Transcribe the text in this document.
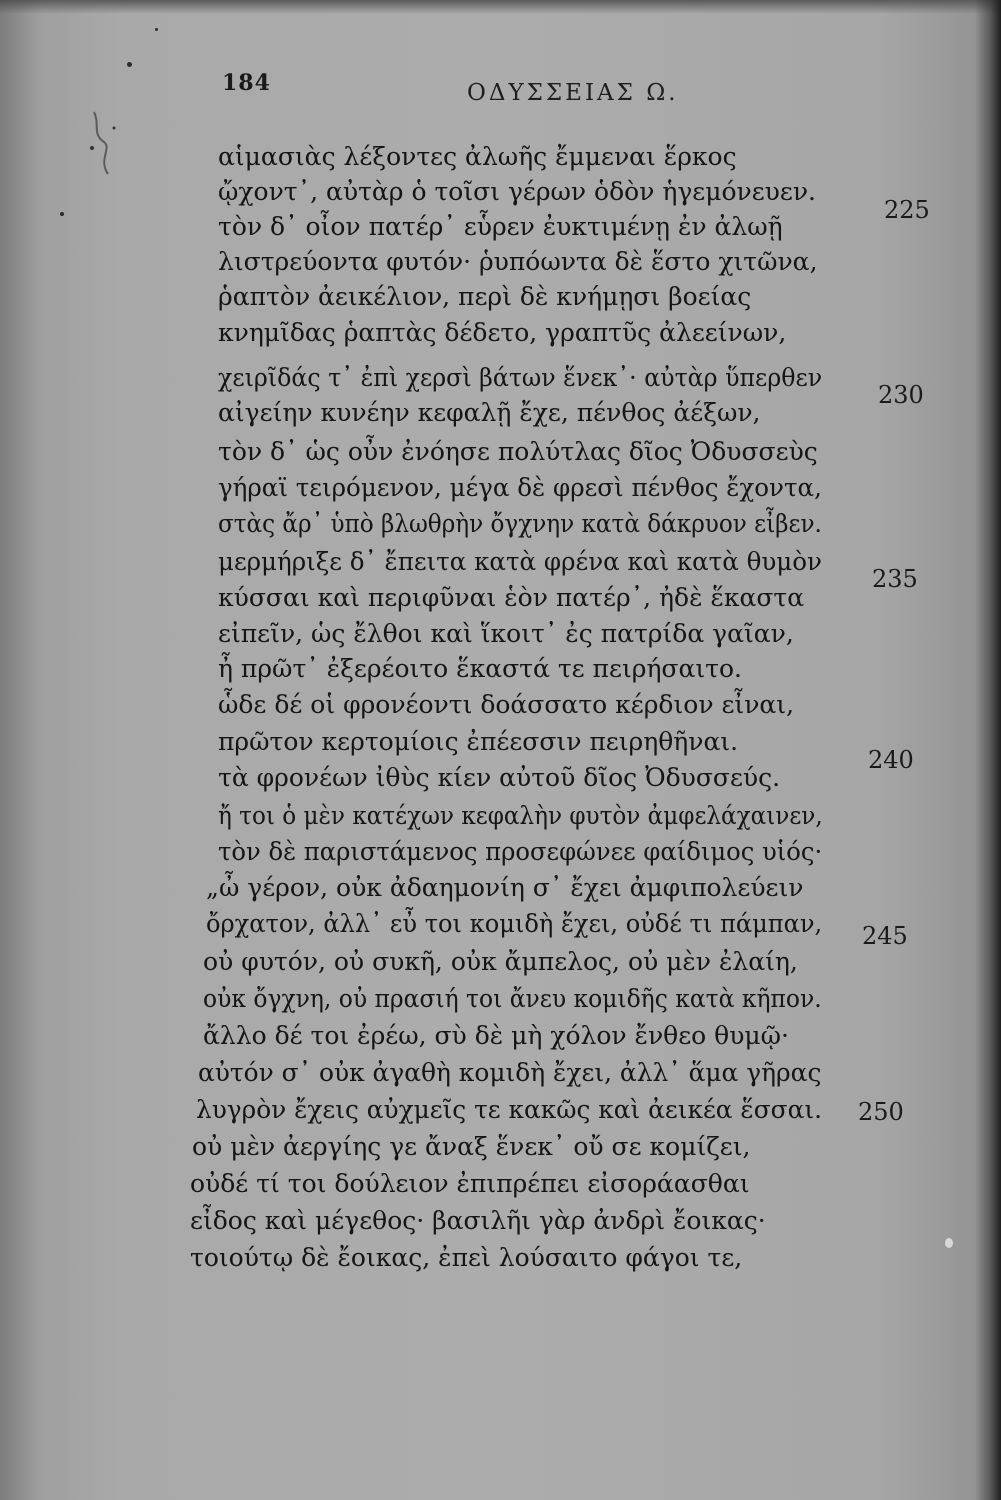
184	ΟΔΥΣΣΕΙΑΣ Ω.
αἱμασιὰς λέξοντες ἀλωῆς ἔμμεναι ἕρκος
ᾤχοντ᾽, αὐτὰρ ὁ τοῖσι γέρων ὁδὸν ἡγεμόνευεν.
τὸν δ᾽ οἶον πατέρ᾽ εὗρεν ἐυκτιμένῃ ἐν ἀλωῇ
λιστρεύοντα φυτόν· ῥυπόωντα δὲ ἕστο χιτῶνα,
ῥαπτὸν ἀεικέλιον, περὶ δὲ κνήμῃσι βοείας
κνημῖδας ῥαπτὰς δέδετο, γραπτῦς ἀλεείνων,
χειρῖδάς τ᾽ ἐπὶ χερσὶ βάτων ἕνεκ᾽· αὐτὰρ ὕπερθεν
αἰγείην κυνέην κεφαλῇ ἔχε, πένθος ἀέξων,
τὸν δ᾽ ὡς οὖν ἐνόησε πολύτλας δῖος Ὀδυσσεὺς
γήραϊ τειρόμενον, μέγα δὲ φρεσὶ πένθος ἔχοντα,
στὰς ἄρ᾽ ὑπὸ βλωθρὴν ὄγχνην κατὰ δάκρυον εἶβεν.
μερμήριξε δ᾽ ἔπειτα κατὰ φρένα καὶ κατὰ θυμὸν
κύσσαι καὶ περιφῦναι ἑὸν πατέρ᾽, ἠδὲ ἕκαστα
εἰπεῖν, ὡς ἔλθοι καὶ ἵκοιτ᾽ ἐς πατρίδα γαῖαν,
ἦ πρῶτ᾽ ἐξερέοιτο ἕκαστά τε πειρήσαιτο.
ὧδε δέ οἱ φρονέοντι δοάσσατο κέρδιον εἶναι,
πρῶτον κερτομίοις ἐπέεσσιν πειρηθῆναι.
τὰ φρονέων ἰθὺς κίεν αὐτοῦ δῖος Ὀδυσσεύς.
ἤ τοι ὁ μὲν κατέχων κεφαλὴν φυτὸν ἀμφελάχαινεν,
τὸν δὲ παριστάμενος προσεφώνεε φαίδιμος υἱός·
„ὦ γέρον, οὐκ ἀδαημονίη σ᾽ ἔχει ἀμφιπολεύειν
ὄρχατον, ἀλλ᾽ εὖ τοι κομιδὴ ἔχει, οὐδέ τι πάμπαν,
οὐ φυτόν, οὐ συκῆ, οὐκ ἄμπελος, οὐ μὲν ἐλαίη,
οὐκ ὄγχνη, οὐ πρασιή τοι ἄνευ κομιδῆς κατὰ κῆπον.
ἄλλο δέ τοι ἐρέω, σὺ δὲ μὴ χόλον ἔνθεο θυμῷ·
αὐτόν σ᾽ οὐκ ἀγαθὴ κομιδὴ ἔχει, ἀλλ᾽ ἅμα γῆρας
λυγρὸν ἔχεις αὐχμεῖς τε κακῶς καὶ ἀεικέα ἕσσαι.
οὐ μὲν ἀεργίης γε ἄναξ ἕνεκ᾽ οὔ σε κομίζει,
οὐδέ τί τοι δούλειον ἐπιπρέπει εἰσοράασθαι
εἶδος καὶ μέγεθος· βασιλῆι γὰρ ἀνδρὶ ἔοικας·
τοιούτῳ δὲ ἔοικας, ἐπεὶ λούσαιτο φάγοι τε,
225
230
235
240
245
250
